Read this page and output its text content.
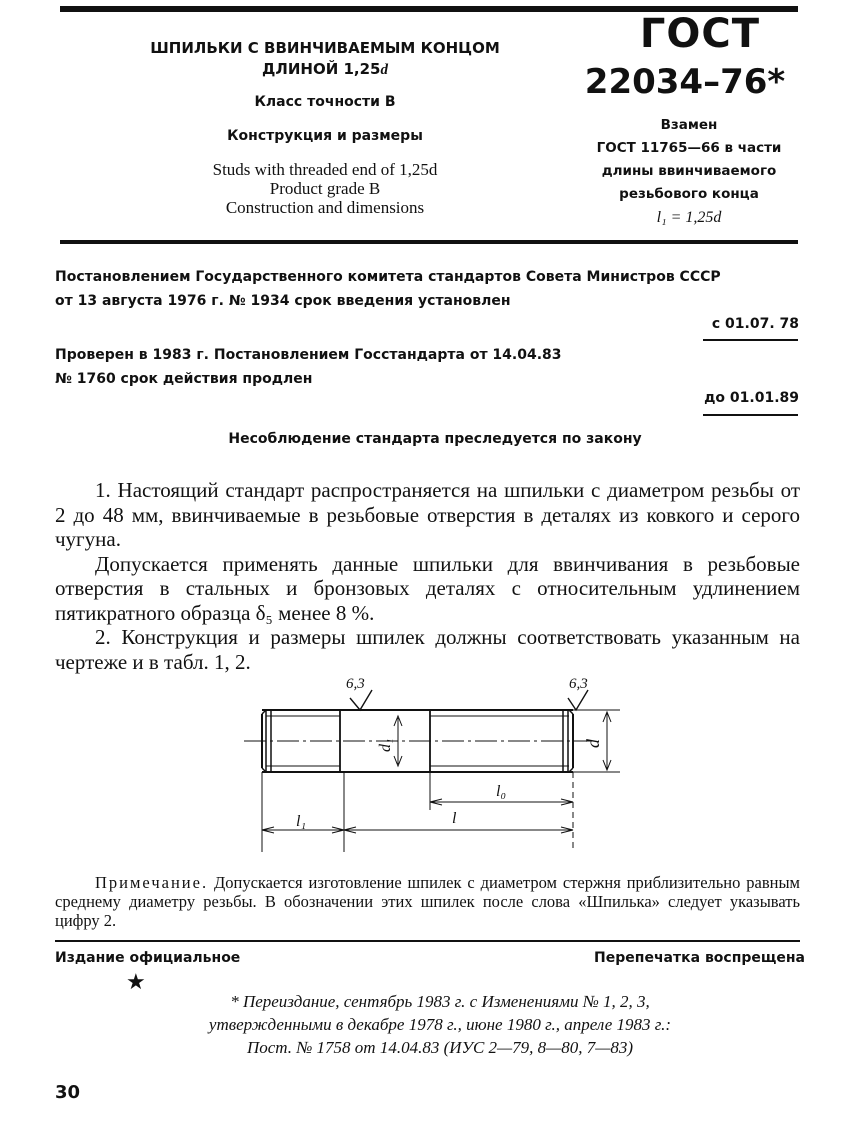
ШПИЛЬКИ С ВВИНЧИВАЕМЫМ КОНЦОМ
ДЛИНОЙ 1,25d
Класс точности В
Конструкция и размеры
Studs with threaded end of 1,25d
Product grade B
Construction and dimensions
ГОСТ
22034–76*
Взамен
ГОСТ 11765—66 в части
длины ввинчиваемого
резьбового конца
l₁ = 1,25d
Постановлением Государственного комитета стандартов Совета Министров СССР
от 13 августа 1976 г. № 1934 срок введения установлен
с 01.07. 78
Проверен в 1983 г. Постановлением Госстандарта от 14.04.83
№ 1760 срок действия продлен
до 01.01.89
Несоблюдение стандарта преследуется по закону

1. Настоящий стандарт распространяется на шпильки с диаметром резьбы от 2 до 48 мм, ввинчиваемые в резьбовые отверстия в деталях из ковкого и серого чугуна.

Допускается применять данные шпильки для ввинчивания в резьбовые отверстия в стальных и бронзовых деталях с относительным удлинением пятикратного образца δ₅ менее 8 %.

2. Конструкция и размеры шпилек должны соответствовать указанным на чертеже и в табл. 1, 2.

6,3	6,3
d₁	d
l₀
l
l₁

Примечание. Допускается изготовление шпилек с диаметром стержня приблизительно равным среднему диаметру резьбы. В обозначении этих шпилек после слова «Шпилька» следует указывать цифру 2.

Издание официальное	Перепечатка воспрещена
★
* Переиздание, сентябрь 1983 г. с Изменениями № 1, 2, 3,
утвержденными в декабре 1978 г., июне 1980 г., апреле 1983 г.:
Пост. № 1758 от 14.04.83 (ИУС 2—79, 8—80, 7—83)
30
